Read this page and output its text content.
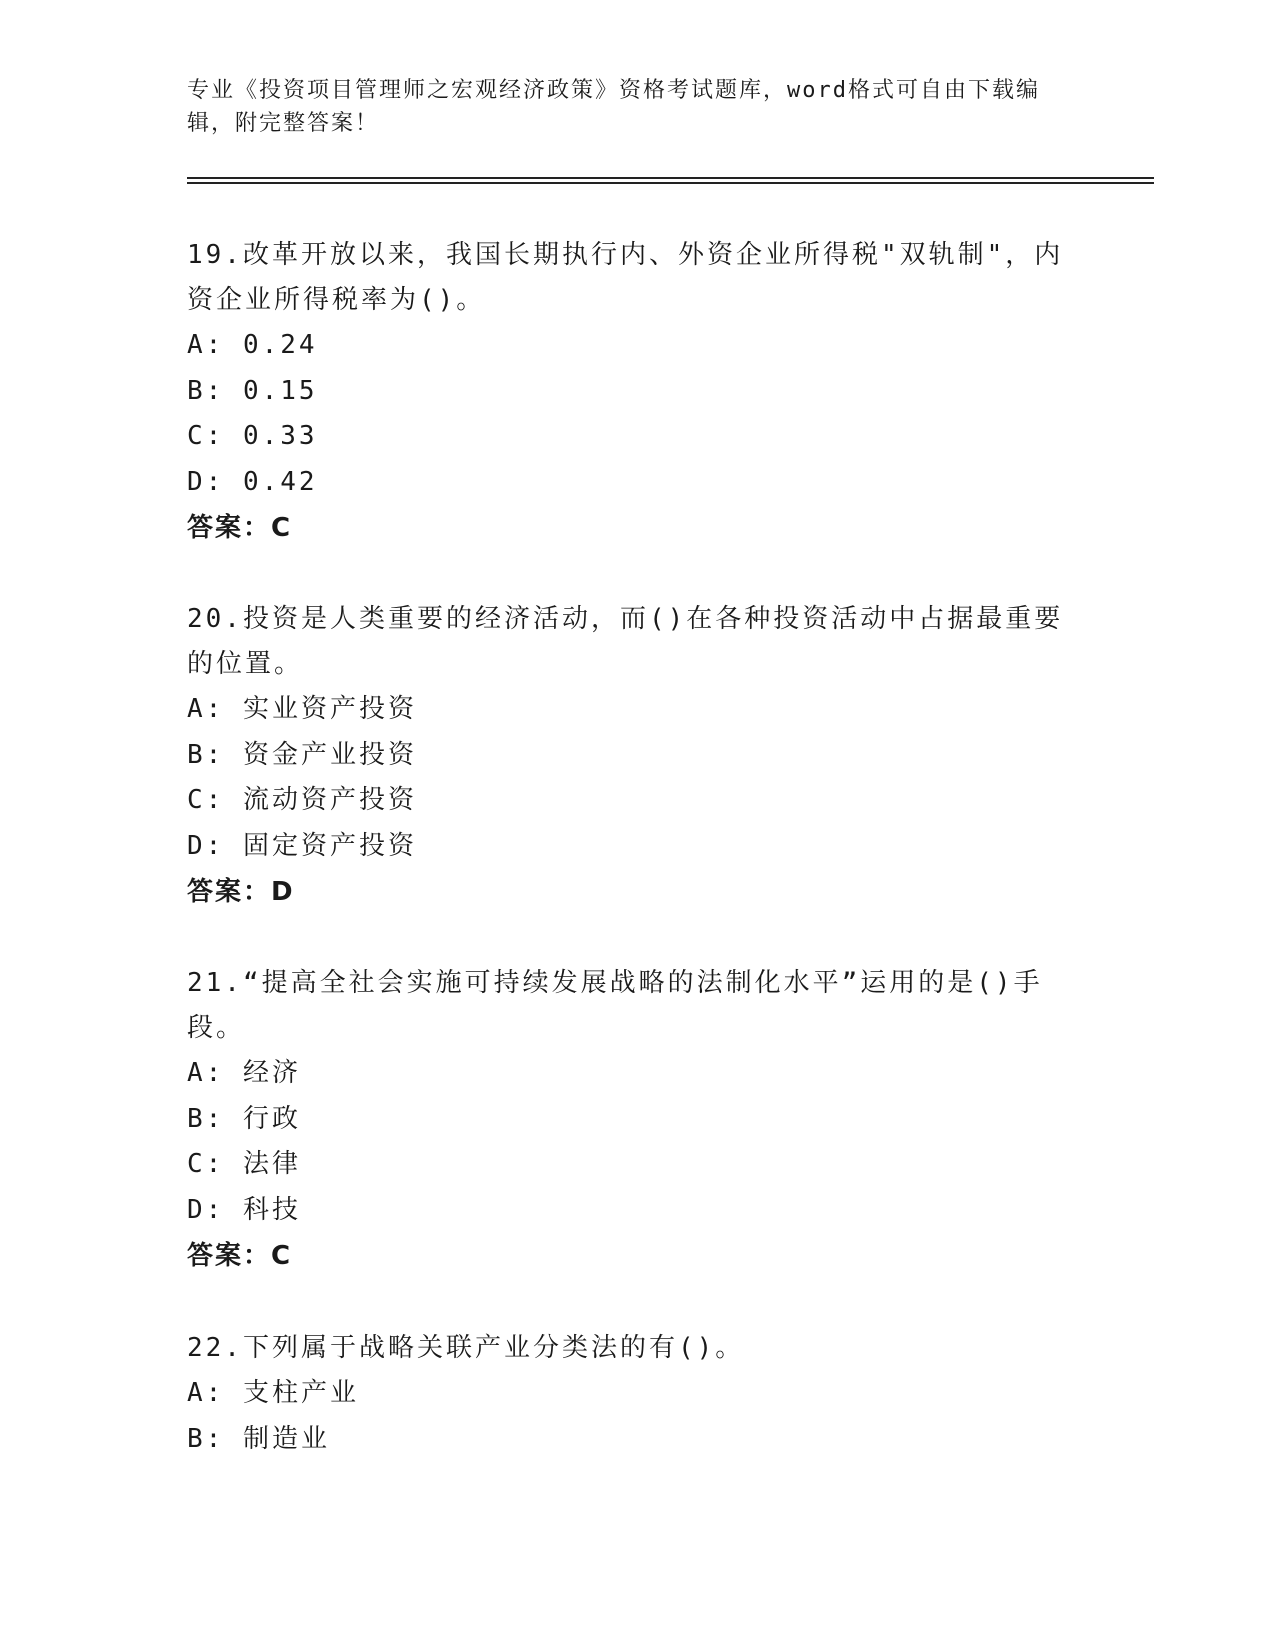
专业《投资项目管理师之宏观经济政策》资格考试题库，word格式可自由下载编辑，附完整答案！

19.改革开放以来，我国长期执行内、外资企业所得税"双轨制"，内资企业所得税率为()。

A: 0.24

B: 0.15

C: 0.33

D: 0.42

答案：C

20.投资是人类重要的经济活动，而()在各种投资活动中占据最重要的位置。

A: 实业资产投资

B: 资金产业投资

C: 流动资产投资

D: 固定资产投资

答案：D

21.“提高全社会实施可持续发展战略的法制化水平”运用的是()手段。

A: 经济

B: 行政

C: 法律

D: 科技

答案：C

22.下列属于战略关联产业分类法的有()。

A: 支柱产业

B: 制造业
